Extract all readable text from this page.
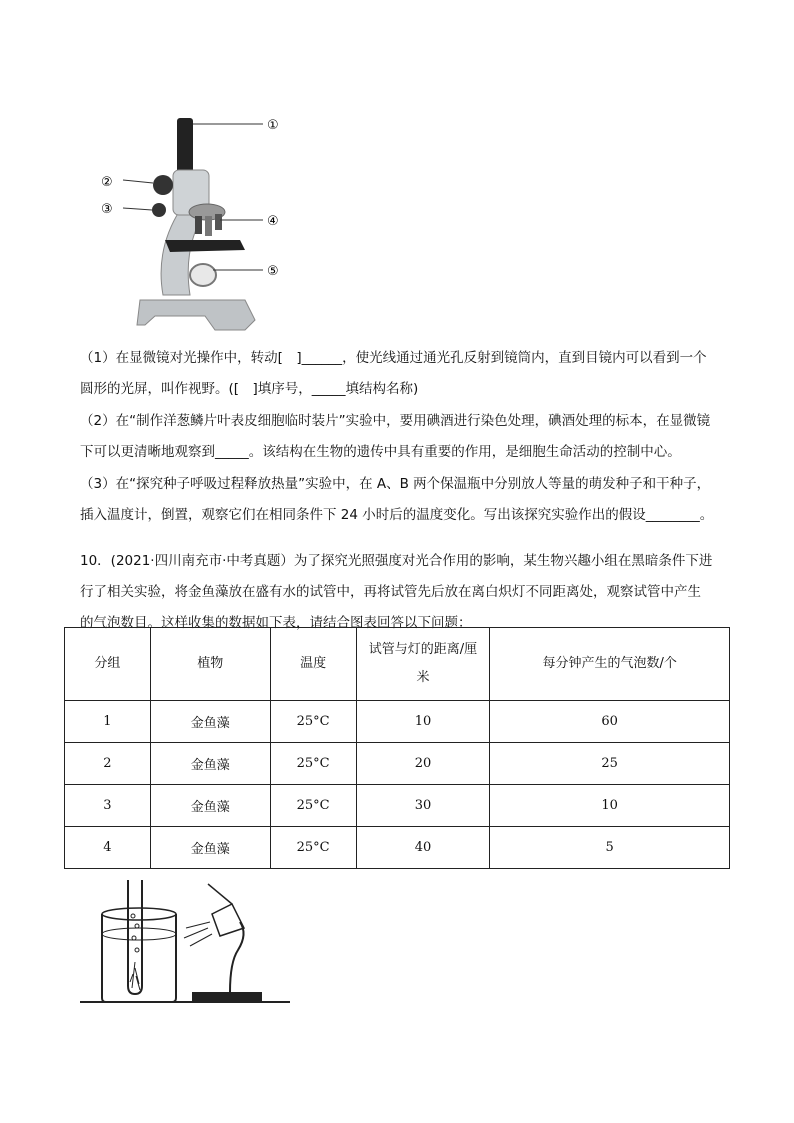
①
②
③
④
⑤
（1）在显微镜对光操作中，转动[　]______，使光线通过通光孔反射到镜筒内，直到目镜内可以看到一个
圆形的光屏，叫作视野。([　]填序号，_____填结构名称)
（2）在“制作洋葱鳞片叶表皮细胞临时装片”实验中，要用碘酒进行染色处理，碘酒处理的标本，在显微镜
下可以更清晰地观察到_____。该结构在生物的遗传中具有重要的作用，是细胞生命活动的控制中心。
（3）在“探究种子呼吸过程释放热量”实验中，在 A、B 两个保温瓶中分别放人等量的萌发种子和干种子，
插入温度计，倒置，观察它们在相同条件下 24 小时后的温度变化。写出该探究实验作出的假设________。
10．(2021·四川南充市·中考真题）为了探究光照强度对光合作用的影响，某生物兴趣小组在黑暗条件下进
行了相关实验，将金鱼藻放在盛有水的试管中，再将试管先后放在离白炽灯不同距离处，观察试管中产生
的气泡数目。这样收集的数据如下表，请结合图表回答以下问题：
分组	植物	温度	试管与灯的距离/厘米	每分钟产生的气泡数/个
1	金鱼藻	25°C	10	60
2	金鱼藻	25°C	20	25
3	金鱼藻	25°C	30	10
4	金鱼藻	25°C	40	5
